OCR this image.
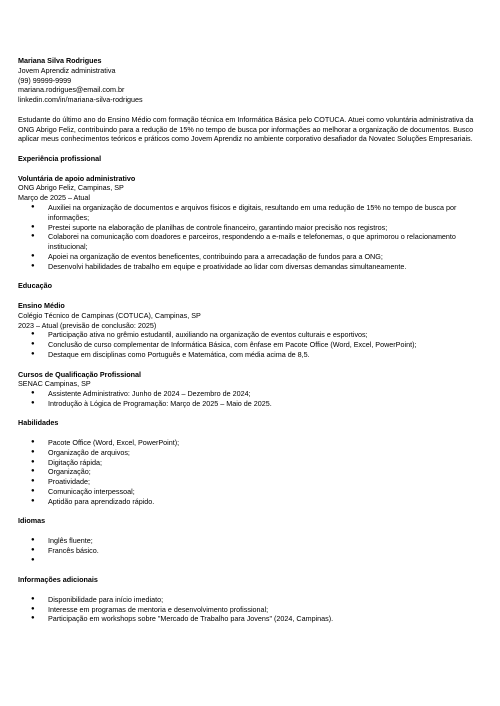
Mariana Silva Rodrigues
Jovem Aprendiz administrativa
(99) 99999-9999
mariana.rodrigues@email.com.br
linkedin.com/in/mariana-silva-rodrigues
Estudante do último ano do Ensino Médio com formação técnica em Informática Básica pelo COTUCA. Atuei como voluntária administrativa da ONG Abrigo Feliz, contribuindo para a redução de 15% no tempo de busca por informações ao melhorar a organização de documentos. Busco aplicar meus conhecimentos teóricos e práticos como Jovem Aprendiz no ambiente corporativo desafiador da Novatec Soluções Empresariais.
Experiência profissional
Voluntária de apoio administrativo
ONG Abrigo Feliz, Campinas, SP
Março de 2025 – Atual
● Auxiliei na organização de documentos e arquivos físicos e digitais, resultando em uma redução de 15% no tempo de busca por informações;
● Prestei suporte na elaboração de planilhas de controle financeiro, garantindo maior precisão nos registros;
● Colaborei na comunicação com doadores e parceiros, respondendo a e-mails e telefonemas, o que aprimorou o relacionamento institucional;
● Apoiei na organização de eventos beneficentes, contribuindo para a arrecadação de fundos para a ONG;
● Desenvolvi habilidades de trabalho em equipe e proatividade ao lidar com diversas demandas simultaneamente.
Educação
Ensino Médio
Colégio Técnico de Campinas (COTUCA), Campinas, SP
2023 – Atual (previsão de conclusão: 2025)
● Participação ativa no grêmio estudantil, auxiliando na organização de eventos culturais e esportivos;
● Conclusão de curso complementar de Informática Básica, com ênfase em Pacote Office (Word, Excel, PowerPoint);
● Destaque em disciplinas como Português e Matemática, com média acima de 8,5.
Cursos de Qualificação Profissional
SENAC Campinas, SP
● Assistente Administrativo: Junho de 2024 – Dezembro de 2024;
● Introdução à Lógica de Programação: Março de 2025 – Maio de 2025.
Habilidades
● Pacote Office (Word, Excel, PowerPoint);
● Organização de arquivos;
● Digitação rápida;
● Organização;
● Proatividade;
● Comunicação interpessoal;
● Aptidão para aprendizado rápido.
Idiomas
● Inglês fluente;
● Francês básico.
●
Informações adicionais
● Disponibilidade para início imediato;
● Interesse em programas de mentoria e desenvolvimento profissional;
● Participação em workshops sobre "Mercado de Trabalho para Jovens" (2024, Campinas).
